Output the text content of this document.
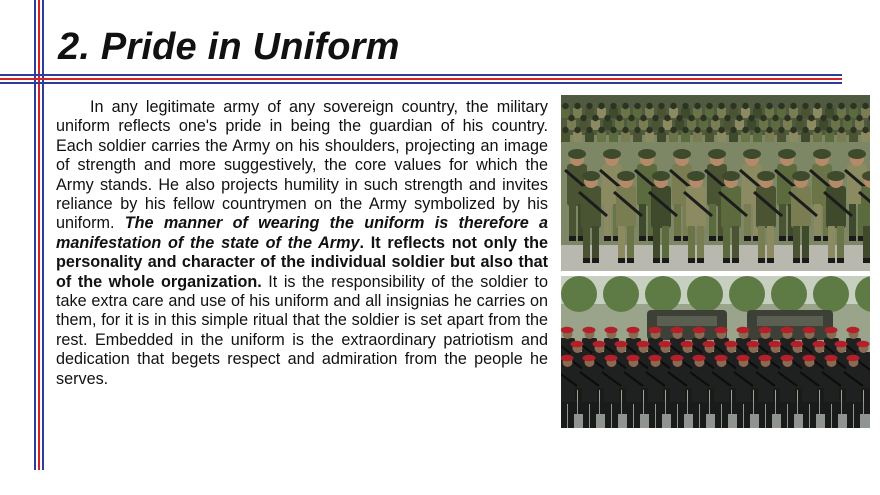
2. Pride in Uniform

In any legitimate army of any sovereign country, the military uniform reflects one's pride in being the guardian of his country. Each soldier carries the Army on his shoulders, projecting an image of strength and more suggestively, the core values for which the Army stands. He also projects humility in such strength and invites reliance by his fellow countrymen on the Army symbolized by his uniform. The manner of wearing the uniform is therefore a manifestation of the state of the Army. It reflects not only the personality and character of the individual soldier but also that of the whole organization. It is the responsibility of the soldier to take extra care and use of his uniform and all insignias he carries on them, for it is in this simple ritual that the soldier is set apart from the rest. Embedded in the uniform is the extraordinary patriotism and dedication that begets respect and admiration from the people he serves.
